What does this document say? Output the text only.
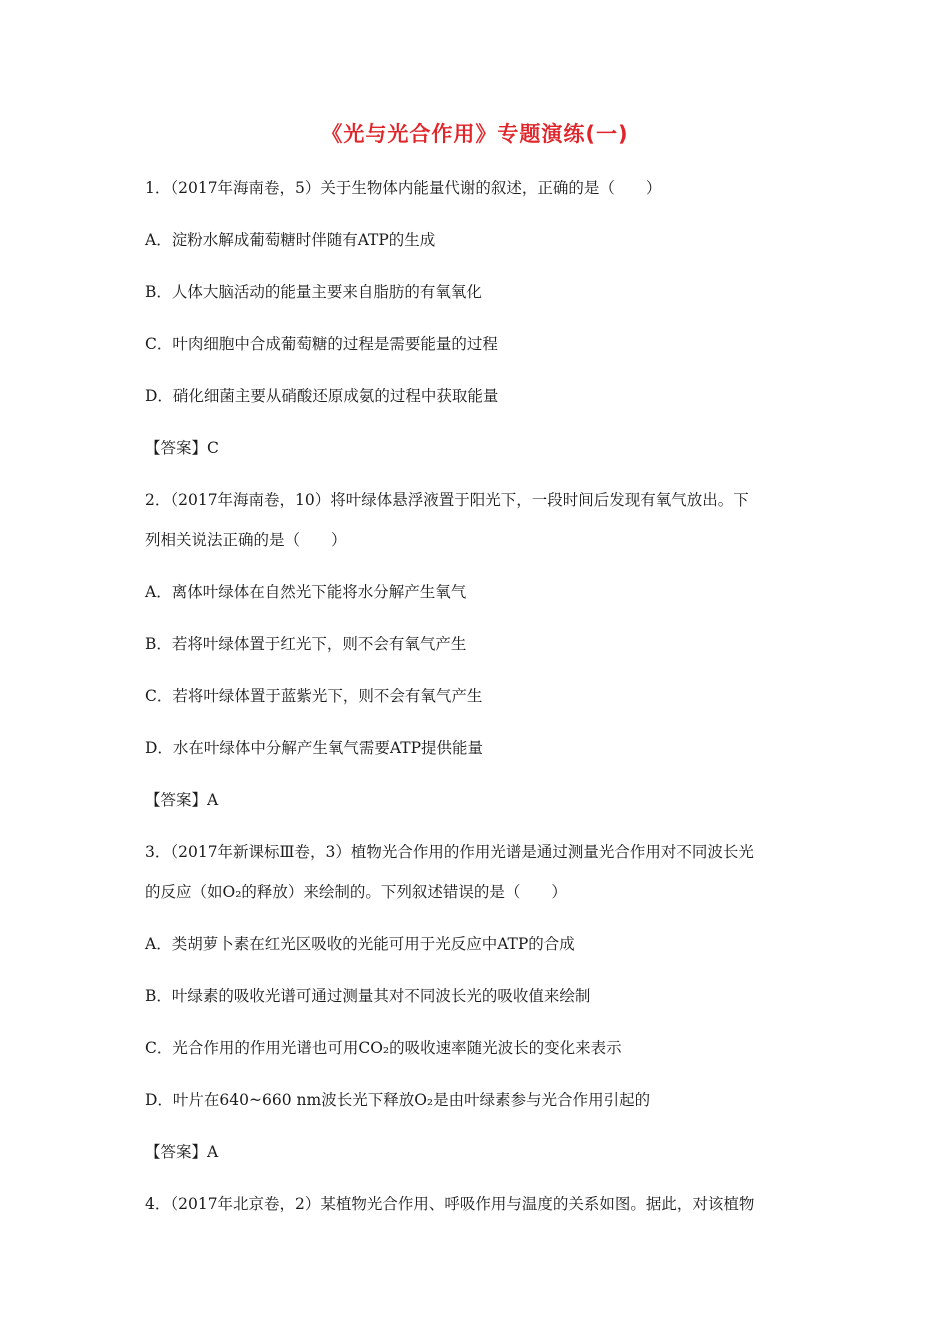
《光与光合作用》专题演练(一)
1．（2017年海南卷，5）关于生物体内能量代谢的叙述，正确的是（　　）
A．淀粉水解成葡萄糖时伴随有ATP的生成
B．人体大脑活动的能量主要来自脂肪的有氧氧化
C．叶肉细胞中合成葡萄糖的过程是需要能量的过程
D．硝化细菌主要从硝酸还原成氨的过程中获取能量
【答案】C
2．（2017年海南卷，10）将叶绿体悬浮液置于阳光下，一段时间后发现有氧气放出。下
列相关说法正确的是（　　）
A．离体叶绿体在自然光下能将水分解产生氧气
B．若将叶绿体置于红光下，则不会有氧气产生
C．若将叶绿体置于蓝紫光下，则不会有氧气产生
D．水在叶绿体中分解产生氧气需要ATP提供能量
【答案】A
3．（2017年新课标Ⅲ卷，3）植物光合作用的作用光谱是通过测量光合作用对不同波长光
的反应（如O₂的释放）来绘制的。下列叙述错误的是（　　）
A．类胡萝卜素在红光区吸收的光能可用于光反应中ATP的合成
B．叶绿素的吸收光谱可通过测量其对不同波长光的吸收值来绘制
C．光合作用的作用光谱也可用CO₂的吸收速率随光波长的变化来表示
D．叶片在640~660 nm波长光下释放O₂是由叶绿素参与光合作用引起的
【答案】A
4．（2017年北京卷，2）某植物光合作用、呼吸作用与温度的关系如图。据此，对该植物
